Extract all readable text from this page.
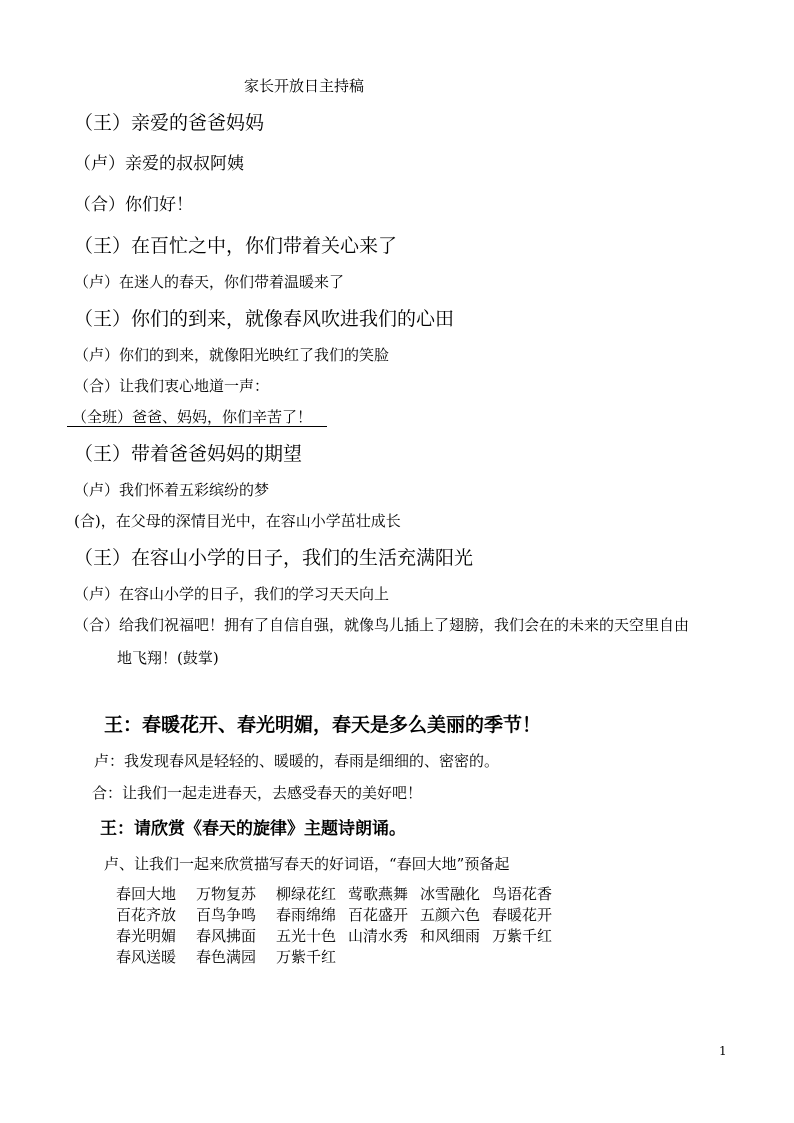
家长开放日主持稿
（王）亲爱的爸爸妈妈
（卢）亲爱的叔叔阿姨
（合）你们好！
（王）在百忙之中，你们带着关心来了
（卢）在迷人的春天，你们带着温暖来了
（王）你们的到来，就像春风吹进我们的心田
（卢）你们的到来，就像阳光映红了我们的笑脸
（合）让我们衷心地道一声：
（全班）爸爸、妈妈，你们辛苦了！
（王）带着爸爸妈妈的期望
（卢）我们怀着五彩缤纷的梦
(合)，在父母的深情目光中，在容山小学茁壮成长
（王）在容山小学的日子，我们的生活充满阳光
（卢）在容山小学的日子，我们的学习天天向上
（合）给我们祝福吧！拥有了自信自强，就像鸟儿插上了翅膀，我们会在的未来的天空里自由
地飞翔！(鼓掌)
王：春暖花开、春光明媚，春天是多么美丽的季节！
卢：我发现春风是轻轻的、暖暖的，春雨是细细的、密密的。
合：让我们一起走进春天，去感受春天的美好吧！
王：请欣赏《春天的旋律》主题诗朗诵。
卢、让我们一起来欣赏描写春天的好词语，“春回大地”预备起
春回大地	万物复苏	柳绿花红 莺歌燕舞 冰雪融化 鸟语花香
百花齐放	百鸟争鸣	春雨绵绵 百花盛开 五颜六色 春暖花开
春光明媚	春风拂面	五光十色 山清水秀 和风细雨 万紫千红
春风送暖	春色满园	万紫千红
1
